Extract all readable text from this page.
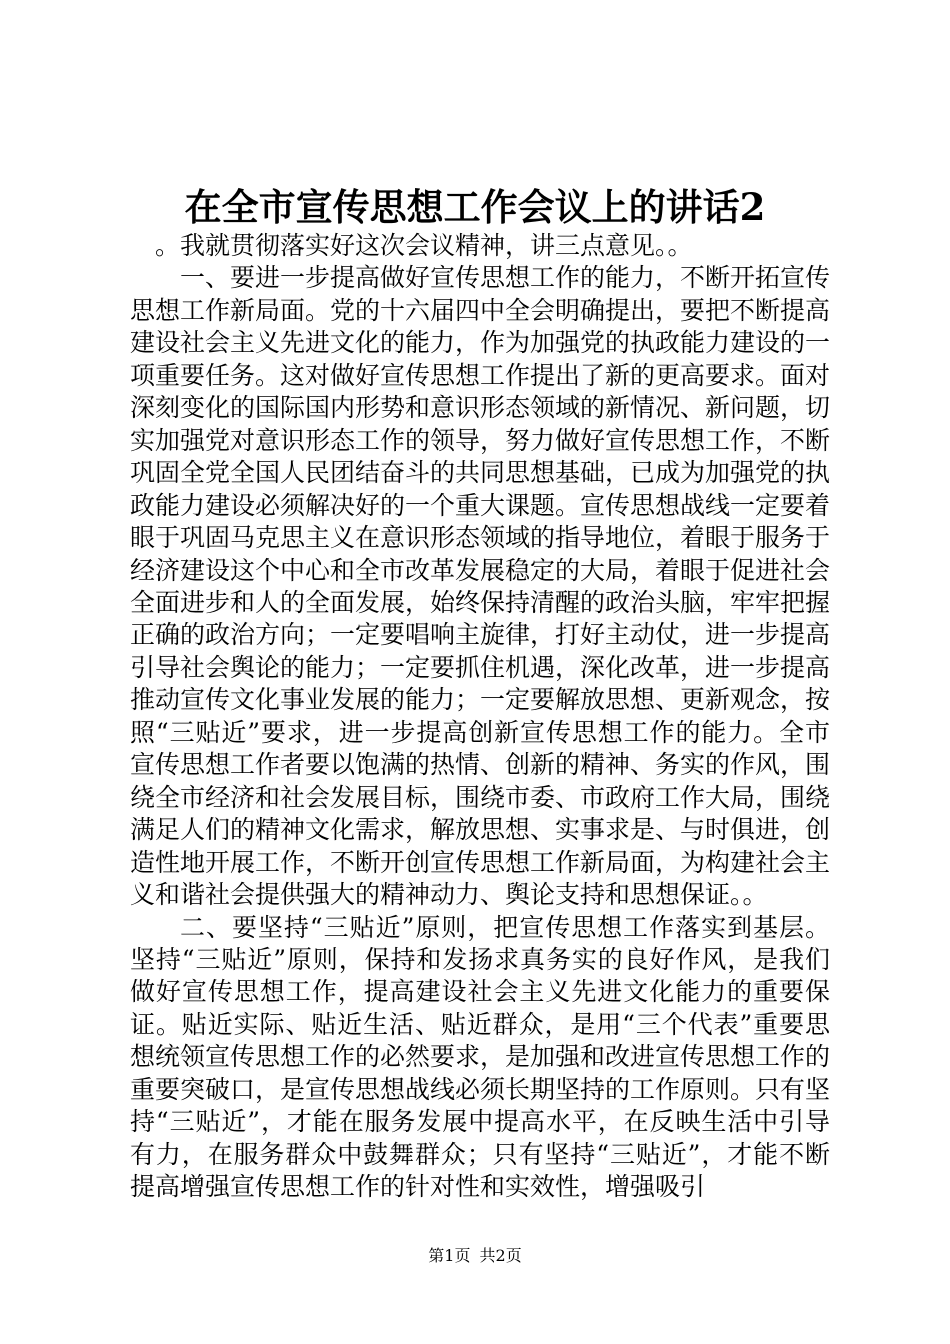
在全市宣传思想工作会议上的讲话2

。我就贯彻落实好这次会议精神，讲三点意见。。

一、要进一步提高做好宣传思想工作的能力，不断开拓宣传思想工作新局面。党的十六届四中全会明确提出，要把不断提高建设社会主义先进文化的能力，作为加强党的执政能力建设的一项重要任务。这对做好宣传思想工作提出了新的更高要求。面对深刻变化的国际国内形势和意识形态领域的新情况、新问题，切实加强党对意识形态工作的领导，努力做好宣传思想工作，不断巩固全党全国人民团结奋斗的共同思想基础，已成为加强党的执政能力建设必须解决好的一个重大课题。宣传思想战线一定要着眼于巩固马克思主义在意识形态领域的指导地位，着眼于服务于经济建设这个中心和全市改革发展稳定的大局，着眼于促进社会全面进步和人的全面发展，始终保持清醒的政治头脑，牢牢把握正确的政治方向；一定要唱响主旋律，打好主动仗，进一步提高引导社会舆论的能力；一定要抓住机遇，深化改革，进一步提高推动宣传文化事业发展的能力；一定要解放思想、更新观念，按照“三贴近”要求，进一步提高创新宣传思想工作的能力。全市宣传思想工作者要以饱满的热情、创新的精神、务实的作风，围绕全市经济和社会发展目标，围绕市委、市政府工作大局，围绕满足人们的精神文化需求，解放思想、实事求是、与时俱进，创造性地开展工作，不断开创宣传思想工作新局面，为构建社会主义和谐社会提供强大的精神动力、舆论支持和思想保证。。

二、要坚持“三贴近”原则，把宣传思想工作落实到基层。坚持“三贴近”原则，保持和发扬求真务实的良好作风，是我们做好宣传思想工作，提高建设社会主义先进文化能力的重要保证。贴近实际、贴近生活、贴近群众，是用“三个代表”重要思想统领宣传思想工作的必然要求，是加强和改进宣传思想工作的重要突破口，是宣传思想战线必须长期坚持的工作原则。只有坚持“三贴近”，才能在服务发展中提高水平，在反映生活中引导有力，在服务群众中鼓舞群众；只有坚持“三贴近”，才能不断提高增强宣传思想工作的针对性和实效性，增强吸引

第1页 共2页
